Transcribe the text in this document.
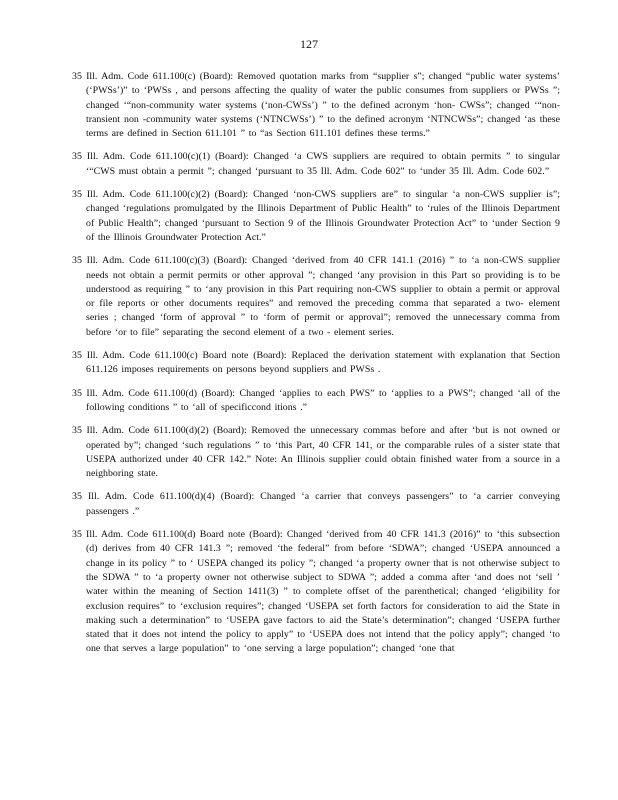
127

35 Ill. Adm. Code 611.100(c) (Board): Removed quotation marks from “supplier s”; changed “public water systems’ (‘PWSs’)” to ‘PWSs , and persons affecting the quality of water the public consumes from suppliers or PWSs ”; changed ‘“non-community water systems (‘non-CWSs’) ” to the defined acronym ‘hon- CWSs”; changed ‘“non- transient non -community water systems (‘NTNCWSs’) ” to the defined acronym ‘NTNCWSs”; changed ‘as these terms are defined in Section 611.101 ” to “as Section 611.101 defines these terms.”

35 Ill. Adm. Code 611.100(c)(1) (Board): Changed ‘a CWS suppliers are required to obtain permits ” to singular ‘“CWS must obtain a permit ”; changed ‘pursuant to 35 Ill. Adm. Code 602” to ‘under 35 Ill. Adm. Code 602.”

35 Ill. Adm. Code 611.100(c)(2) (Board): Changed ‘non-CWS suppliers are” to singular ‘a non-CWS supplier is”; changed ‘regulations promulgated by the Illinois Department of Public Health” to ‘rules of the Illinois Department of Public Health”; changed ‘pursuant to Section 9 of the Illinois Groundwater Protection Act” to ‘under Section 9 of the Illinois Groundwater Protection Act.”

35 Ill. Adm. Code 611.100(c)(3) (Board): Changed ‘derived from 40 CFR 141.1 (2016) ” to ‘a non-CWS supplier needs not obtain a permit permits or other approval ”; changed ‘any provision in this Part so providing is to be understood as requiring ” to ‘any provision in this Part requiring non-CWS supplier to obtain a permit or approval or file reports or other documents requires” and removed the preceding comma that separated a two- element series ; changed ‘form of approval ” to ‘form of permit or approval”; removed the unnecessary comma from before ‘or to file” separating the second element of a two - element series.

35 Ill. Adm. Code 611.100(c) Board note (Board): Replaced the derivation statement with explanation that Section 611.126 imposes requirements on persons beyond suppliers and PWSs .

35 Ill. Adm. Code 611.100(d) (Board): Changed ‘applies to each PWS” to ‘applies to a PWS”; changed ‘all of the following conditions ” to ‘all of specificcond itions .”

35 Ill. Adm. Code 611.100(d)(2) (Board): Removed the unnecessary commas before and after ‘but is not owned or operated by”; changed ‘such regulations ” to ‘this Part, 40 CFR 141, or the comparable rules of a sister state that USEPA authorized under 40 CFR 142.” Note: An Illinois supplier could obtain finished water from a source in a neighboring state.

35 Ill. Adm. Code 611.100(d)(4) (Board): Changed ‘a carrier that conveys passengers” to ‘a carrier conveying passengers .”

35 Ill. Adm. Code 611.100(d) Board note (Board): Changed ‘derived from 40 CFR 141.3 (2016)” to ‘this subsection (d) derives from 40 CFR 141.3 ”; removed ‘the federal” from before ‘SDWA”; changed ‘USEPA announced a change in its policy ” to ‘ USEPA changed its policy ”; changed ‘a property owner that is not otherwise subject to the SDWA ” to ‘a property owner not otherwise subject to SDWA ”; added a comma after ‘and does not ‘sell ’ water within the meaning of Section 1411(3) ” to complete offset of the parenthetical; changed ‘eligibility for exclusion requires” to ‘exclusion requires”; changed ‘USEPA set forth factors for consideration to aid the State in making such a determination” to ‘USEPA gave factors to aid the State’s determination”; changed ‘USEPA further stated that it does not intend the policy to apply” to ‘USEPA does not intend that the policy apply”; changed ‘to one that serves a large population” to ‘one serving a large population”; changed ‘one that
